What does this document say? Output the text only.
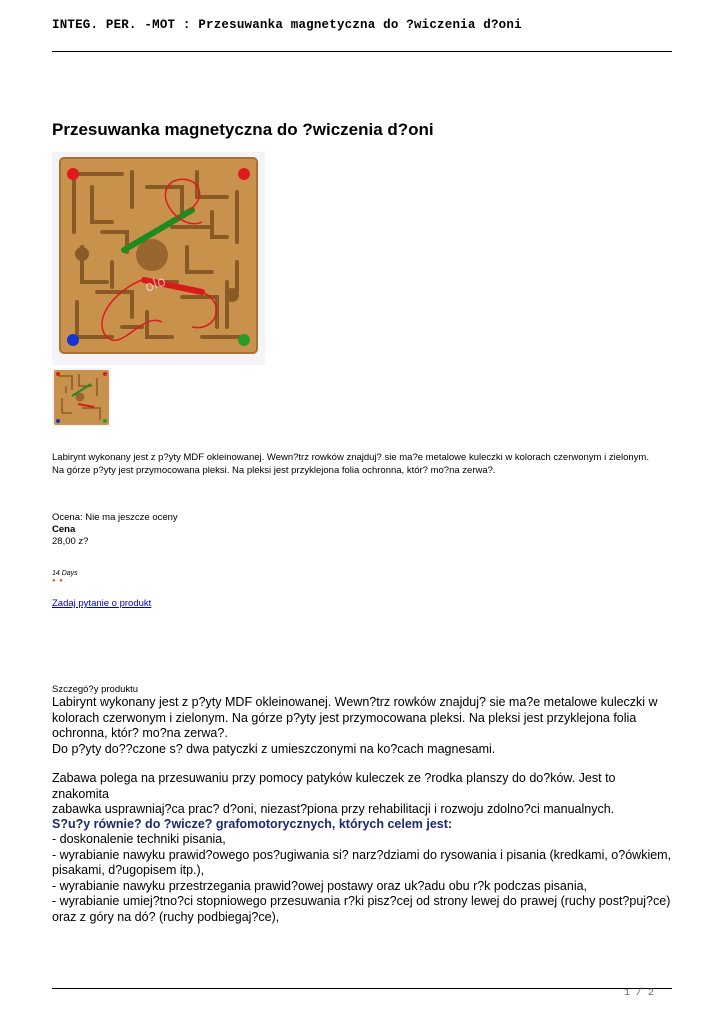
INTEG. PER. -MOT : Przesuwanka magnetyczna do ?wiczenia d?oni
Przesuwanka magnetyczna do ?wiczenia d?oni
olo
Labirynt wykonany jest z p?yty MDF okleinowanej. Wewn?trz rowków znajduj? sie ma?e metalowe kuleczki w kolorach czerwonym i zielonym.
Na górze p?yty jest przymocowana pleksi. Na pleksi jest przyklejona folia ochronna, któr? mo?na zerwa?.
Ocena: Nie ma jeszcze oceny
Cena
28,00 z?
14 Days
● ●
Zadaj pytanie o produkt
Szczegó?y produktu
Labirynt wykonany jest z p?yty MDF okleinowanej. Wewn?trz rowków znajduj? sie ma?e metalowe kuleczki w
kolorach czerwonym i zielonym. Na górze p?yty jest przymocowana pleksi. Na pleksi jest przyklejona folia
ochronna, któr? mo?na zerwa?.
Do p?yty do??czone s? dwa patyczki z umieszczonymi na ko?cach magnesami.
Zabawa polega na przesuwaniu przy pomocy patyków kuleczek ze ?rodka planszy do do?ków. Jest to znakomita
zabawka usprawniaj?ca prac? d?oni, niezast?piona przy rehabilitacji i rozwoju zdolno?ci manualnych.
S?u?y równie? do ?wicze? grafomotorycznych, których celem jest:
- doskonalenie techniki pisania,
- wyrabianie nawyku prawid?owego pos?ugiwania si? narz?dziami do rysowania i pisania (kredkami, o?ówkiem,
pisakami, d?ugopisem itp.),
- wyrabianie nawyku przestrzegania prawid?owej postawy oraz uk?adu obu r?k podczas pisania,
- wyrabianie umiej?tno?ci stopniowego przesuwania r?ki pisz?cej od strony lewej do prawej (ruchy post?puj?ce)
oraz z góry na dó? (ruchy podbiegaj?ce),
1 / 2
